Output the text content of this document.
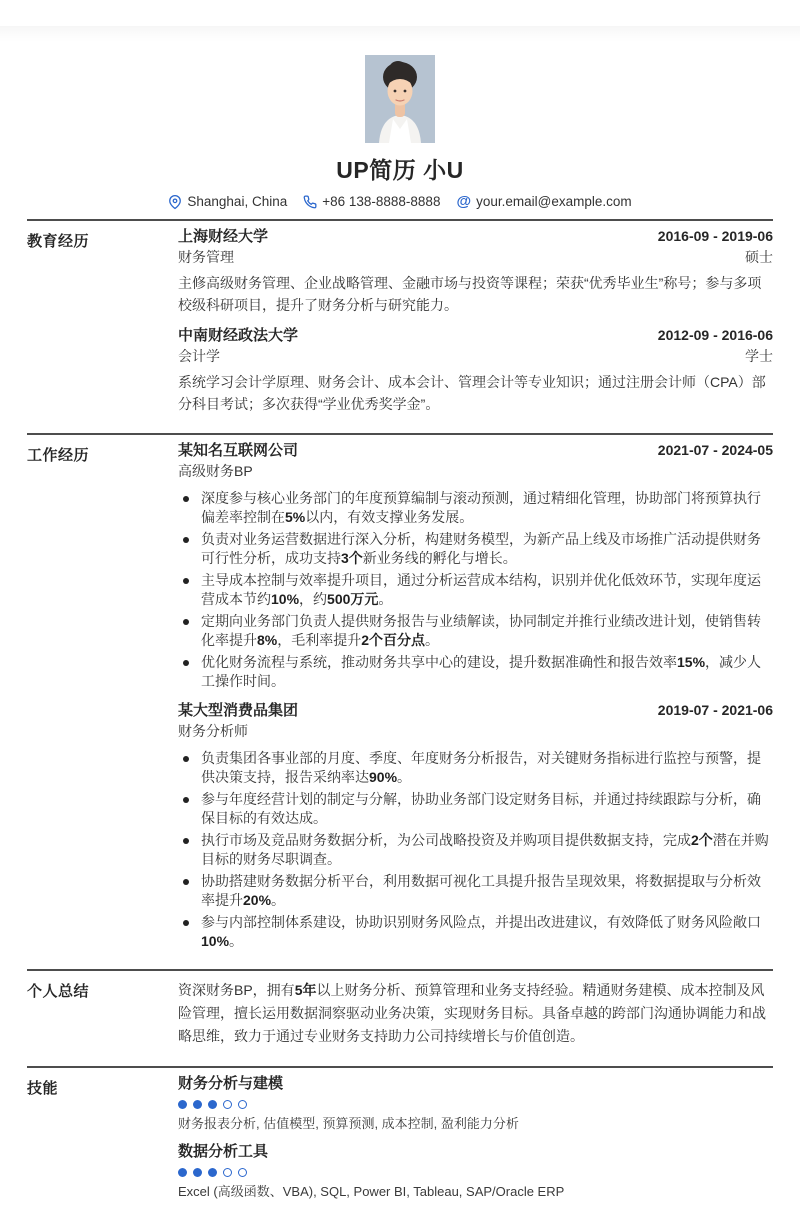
UP简历 小U
Shanghai, China	+86 138-8888-8888 @ your.email@example.com
教育经历	上海财经大学	2016-09 - 2019-06
财务管理	硕士
主修高级财务管理、企业战略管理、金融市场与投资等课程；荣获“优秀毕业生”称号；参与多项校级科研项目，提升了财务分析与研究能力。
中南财经政法大学	2012-09 - 2016-06
会计学	学士
系统学习会计学原理、财务会计、成本会计、管理会计等专业知识；通过注册会计师（CPA）部分科目考试；多次获得“学业优秀奖学金”。
工作经历	某知名互联网公司	2021-07 - 2024-05
高级财务BP
深度参与核心业务部门的年度预算编制与滚动预测，通过精细化管理，协助部门将预算执行偏差率控制在5%以内，有效支撑业务发展。
负责对业务运营数据进行深入分析，构建财务模型，为新产品上线及市场推广活动提供财务可行性分析，成功支持3个新业务线的孵化与增长。
主导成本控制与效率提升项目，通过分析运营成本结构，识别并优化低效环节，实现年度运营成本节约10%，约500万元。
定期向业务部门负责人提供财务报告与业绩解读，协同制定并推行业绩改进计划，使销售转化率提升8%，毛利率提升2个百分点。
优化财务流程与系统，推动财务共享中心的建设，提升数据准确性和报告效率15%，减少人工操作时间。
某大型消费品集团	2019-07 - 2021-06
财务分析师
负责集团各事业部的月度、季度、年度财务分析报告，对关键财务指标进行监控与预警，提供决策支持，报告采纳率达90%。
参与年度经营计划的制定与分解，协助业务部门设定财务目标，并通过持续跟踪与分析，确保目标的有效达成。
执行市场及竞品财务数据分析，为公司战略投资及并购项目提供数据支持，完成2个潜在并购目标的财务尽职调查。
协助搭建财务数据分析平台，利用数据可视化工具提升报告呈现效果，将数据提取与分析效率提升20%。
参与内部控制体系建设，协助识别财务风险点，并提出改进建议，有效降低了财务风险敞口10%。
个人总结	资深财务BP，拥有5年以上财务分析、预算管理和业务支持经验。精通财务建模、成本控制及风险管理，擅长运用数据洞察驱动业务决策，实现财务目标。具备卓越的跨部门沟通协调能力和战略思维，致力于通过专业财务支持助力公司持续增长与价值创造。
技能	财务分析与建模
财务报表分析, 估值模型, 预算预测, 成本控制, 盈利能力分析
数据分析工具
Excel (高级函数、VBA), SQL, Power BI, Tableau, SAP/Oracle ERP
